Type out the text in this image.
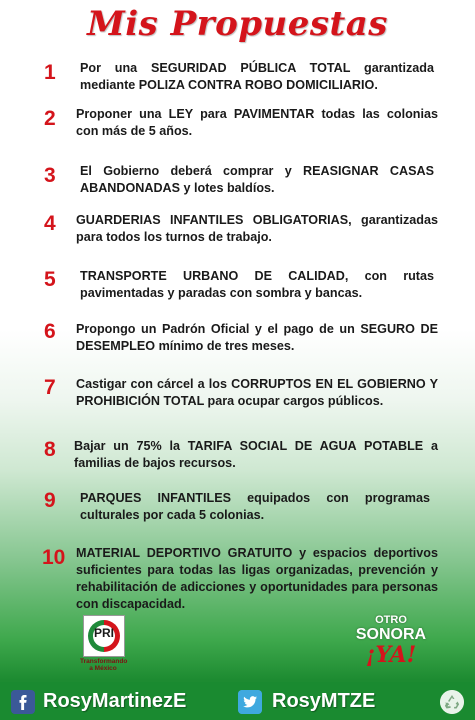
Mis Propuestas
1	Por una SEGURIDAD PÚBLICA TOTAL garantizada mediante POLIZA CONTRA ROBO DOMICILIARIO.
2	Proponer una LEY para PAVIMENTAR todas las colonias con más de 5 años.
3	El Gobierno deberá comprar y REASIGNAR CASAS ABANDONADAS y lotes baldíos.
4	GUARDERIAS INFANTILES OBLIGATORIAS, garantizadas para todos los turnos de trabajo.
5	TRANSPORTE URBANO DE CALIDAD, con rutas pavimentadas y paradas con sombra y bancas.
6	Propongo un Padrón Oficial y el pago de un SEGURO DE DESEMPLEO mínimo de tres meses.
7	Castigar con cárcel a los CORRUPTOS EN EL GOBIERNO Y PROHIBICIÓN TOTAL para ocupar cargos públicos.
8	Bajar un 75% la TARIFA SOCIAL DE AGUA POTABLE a familias de bajos recursos.
9	PARQUES INFANTILES equipados con programas culturales por cada 5 colonias.
10 MATERIAL DEPORTIVO GRATUITO y espacios deportivos suficientes para todas las ligas organizadas, prevención y rehabilitación de adicciones y oportunidades para personas con discapacidad.
PRI
Transformando a México
OTRO
SONORA
¡YA!
RosyMartinezE	RosyMTZE
